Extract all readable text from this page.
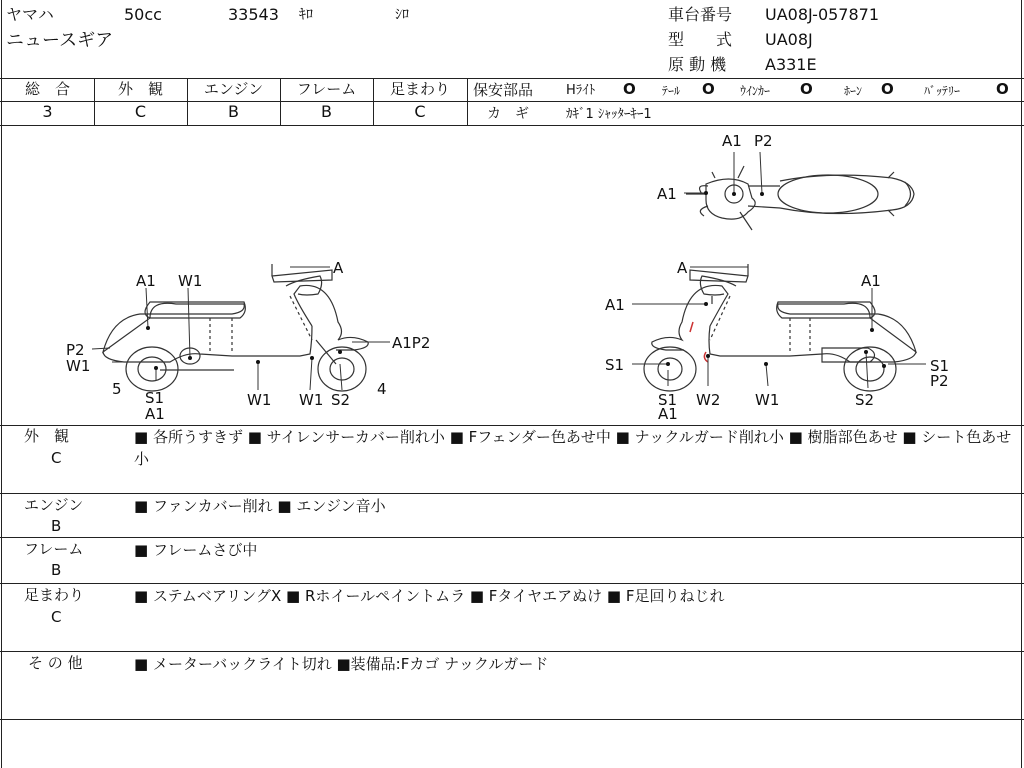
ヤマハ	50cc	33543 ｷﾛ	ｼﾛ
ニュースギア
車台番号 UA08J-057871
型　　式 UA08J
原 動 機 A331E
総　合
3
外　観
C
エンジン
B
フレーム
B
足まわり
C
保安部品	Hﾗｲﾄ O ﾃｰﾙ O ｳｲﾝｶｰ O	ﾎｰﾝ O	ﾊﾞｯﾃﾘｰ O
カ　ギ	ｶｷﾞ1 ｼｬｯﾀｰｷｰ1
A1 P2
A1
A
A1 W1
P2
W1
A1P2
5 S1
A1
W1 W1 S2
4
A
A1
A1
S1	S1
P2
S1
A1
W2 W1	S2
外　観
C
■ 各所うすきず ■ サイレンサーカバー削れ小 ■ Fフェンダー色あせ中 ■ ナックルガード削れ小 ■ 樹脂部色あせ ■ シート色あせ小
エンジン
B
■ ファンカバー削れ ■ エンジン音小
フレーム
B
■ フレームさび中
足まわり
C
■ ステムベアリングX ■ Rホイールペイントムラ ■ Fタイヤエアぬけ ■ F足回りねじれ
そ の 他	■ メーターバックライト切れ ■装備品:Fカゴ ナックルガード
